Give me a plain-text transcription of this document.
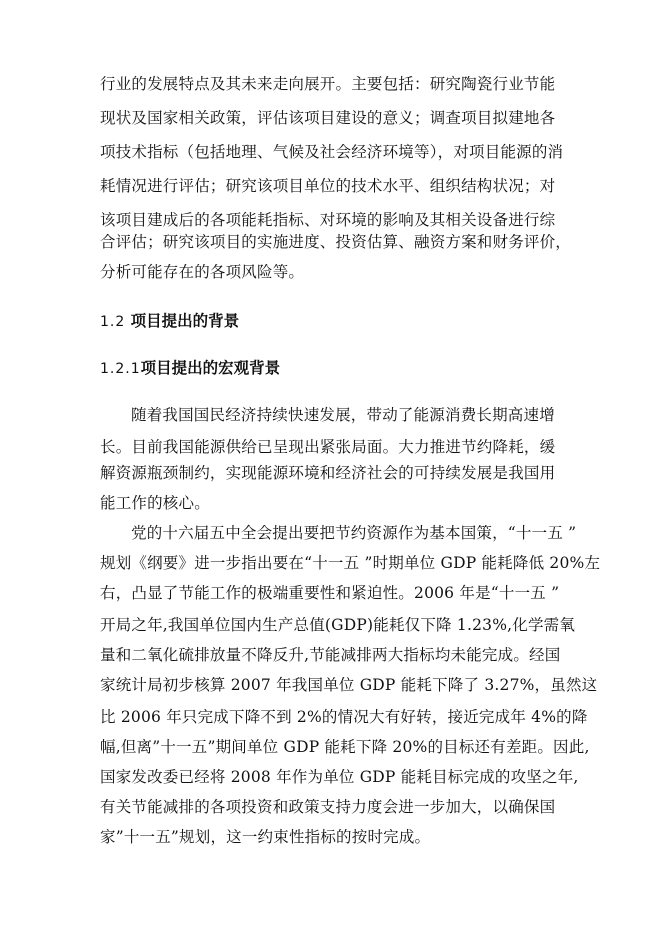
行业的发展特点及其未来走向展开。主要包括：研究陶瓷行业节能
现状及国家相关政策，评估该项目建设的意义；调查项目拟建地各
项技术指标（包括地理、气候及社会经济环境等），对项目能源的消
耗情况进行评估；研究该项目单位的技术水平、组织结构状况；对
该项目建成后的各项能耗指标、对环境的影响及其相关设备进行综
合评估；研究该项目的实施进度、投资估算、融资方案和财务评价，
分析可能存在的各项风险等。
1.2 项目提出的背景
1.2.1项目提出的宏观背景
随着我国国民经济持续快速发展，带动了能源消费长期高速增
长。目前我国能源供给已呈现出紧张局面。大力推进节约降耗，缓
解资源瓶颈制约，实现能源环境和经济社会的可持续发展是我国用
能工作的核心。
党的十六届五中全会提出要把节约资源作为基本国策，“十一五 ”
规划《纲要》进一步指出要在“十一五 ”时期单位 GDP 能耗降低 20%左
右，凸显了节能工作的极端重要性和紧迫性。2006 年是“十一五 ”
开局之年,我国单位国内生产总值(GDP)能耗仅下降 1.23%,化学需氧
量和二氧化硫排放量不降反升,节能减排两大指标均未能完成。经国
家统计局初步核算 2007 年我国单位 GDP 能耗下降了 3.27%，虽然这
比 2006 年只完成下降不到 2%的情况大有好转，接近完成年 4%的降
幅,但离”十一五”期间单位 GDP 能耗下降 20%的目标还有差距。因此,
国家发改委已经将 2008 年作为单位 GDP 能耗目标完成的攻坚之年,
有关节能减排的各项投资和政策支持力度会进一步加大，以确保国
家”十一五”规划，这一约束性指标的按时完成。
